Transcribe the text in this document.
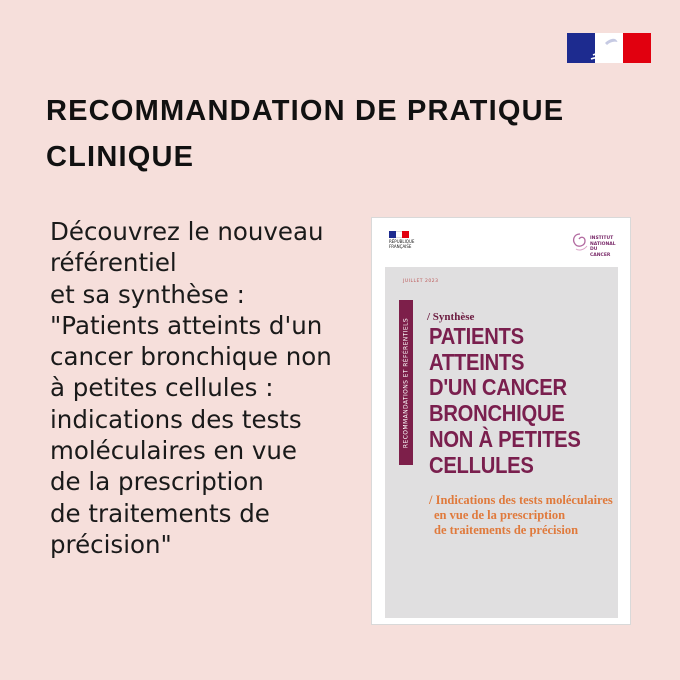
RECOMMANDATION DE PRATIQUE
CLINIQUE
Découvrez le nouveau
référentiel
et sa synthèse :
"Patients atteints d'un
cancer bronchique non
à petites cellules :
indications des tests
moléculaires en vue
de la prescription
de traitements de
précision"
RÉPUBLIQUE FRANÇAISE
INSTITUT NATIONAL DU CANCER
JUILLET 2023
RECOMMANDATIONS ET RÉFÉRENTIELS
/ Synthèse
PATIENTS
ATTEINTS
D'UN CANCER
BRONCHIQUE
NON À PETITES
CELLULES
/ Indications des tests moléculaires
en vue de la prescription
de traitements de précision
